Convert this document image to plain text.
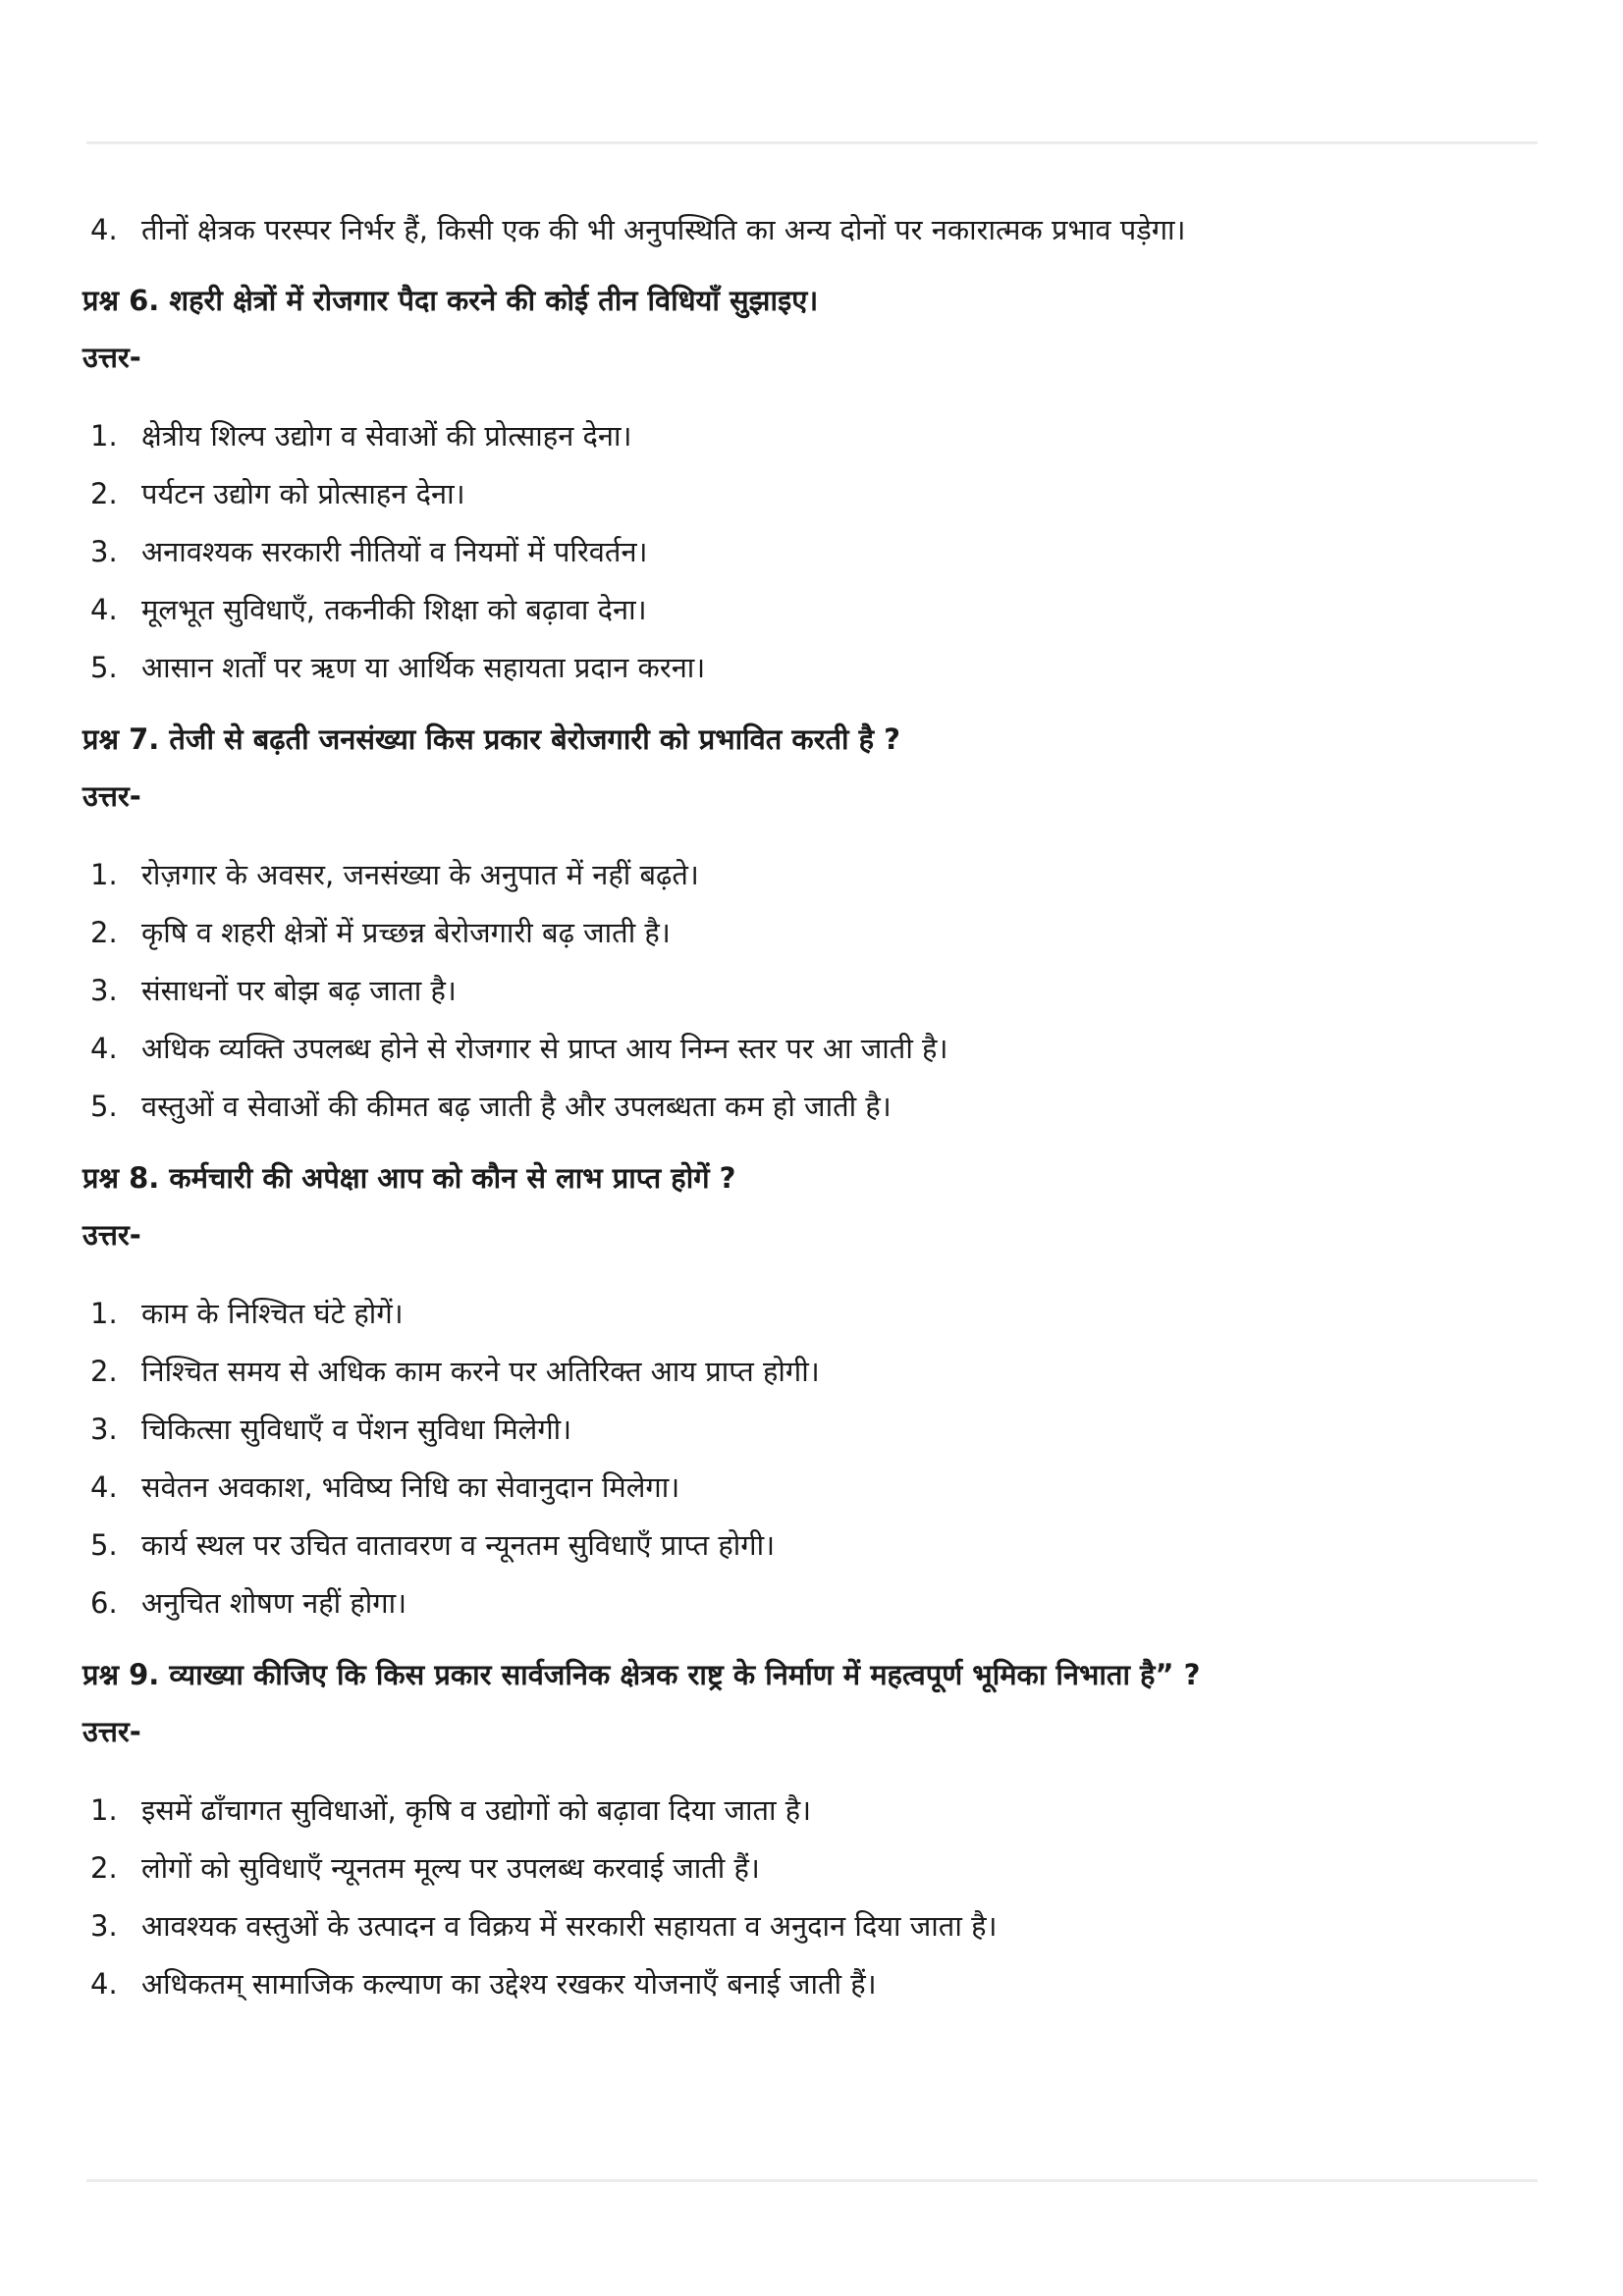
4. तीनों क्षेत्रक परस्पर निर्भर हैं, किसी एक की भी अनुपस्थिति का अन्य दोनों पर नकारात्मक प्रभाव पड़ेगा।
प्रश्न 6. शहरी क्षेत्रों में रोजगार पैदा करने की कोई तीन विधियाँ सुझाइए।
उत्तर-
1. क्षेत्रीय शिल्प उद्योग व सेवाओं की प्रोत्साहन देना।
2. पर्यटन उद्योग को प्रोत्साहन देना।
3. अनावश्यक सरकारी नीतियों व नियमों में परिवर्तन।
4. मूलभूत सुविधाएँ, तकनीकी शिक्षा को बढ़ावा देना।
5. आसान शर्तों पर ऋण या आर्थिक सहायता प्रदान करना।
प्रश्न 7. तेजी से बढ़ती जनसंख्या किस प्रकार बेरोजगारी को प्रभावित करती है ?
उत्तर-
1. रोज़गार के अवसर, जनसंख्या के अनुपात में नहीं बढ़ते।
2. कृषि व शहरी क्षेत्रों में प्रच्छन्न बेरोजगारी बढ़ जाती है।
3. संसाधनों पर बोझ बढ़ जाता है।
4. अधिक व्यक्ति उपलब्ध होने से रोजगार से प्राप्त आय निम्न स्तर पर आ जाती है।
5. वस्तुओं व सेवाओं की कीमत बढ़ जाती है और उपलब्धता कम हो जाती है।
प्रश्न 8. कर्मचारी की अपेक्षा आप को कौन से लाभ प्राप्त होगें ?
उत्तर-
1. काम के निश्चित घंटे होगें।
2. निश्चित समय से अधिक काम करने पर अतिरिक्त आय प्राप्त होगी।
3. चिकित्सा सुविधाएँ व पेंशन सुविधा मिलेगी।
4. सवेतन अवकाश, भविष्य निधि का सेवानुदान मिलेगा।
5. कार्य स्थल पर उचित वातावरण व न्यूनतम सुविधाएँ प्राप्त होगी।
6. अनुचित शोषण नहीं होगा।
प्रश्न 9. व्याख्या कीजिए कि किस प्रकार सार्वजनिक क्षेत्रक राष्ट्र के निर्माण में महत्वपूर्ण भूमिका निभाता है” ?
उत्तर-
1. इसमें ढाँचागत सुविधाओं, कृषि व उद्योगों को बढ़ावा दिया जाता है।
2. लोगों को सुविधाएँ न्यूनतम मूल्य पर उपलब्ध करवाई जाती हैं।
3. आवश्यक वस्तुओं के उत्पादन व विक्रय में सरकारी सहायता व अनुदान दिया जाता है।
4. अधिकतम् सामाजिक कल्याण का उद्देश्य रखकर योजनाएँ बनाई जाती हैं।
